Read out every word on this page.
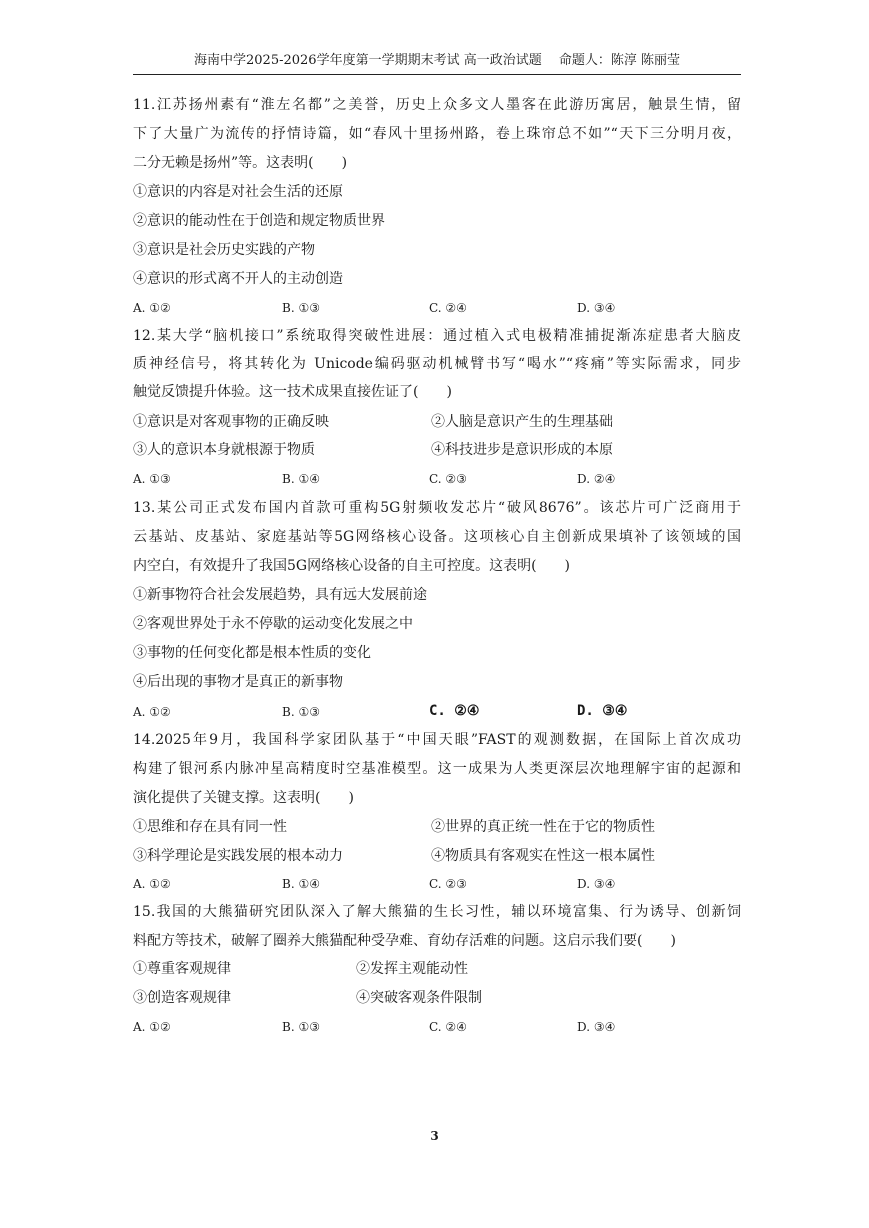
海南中学2025-2026学年度第一学期期末考试 高一政治试题　 命题人：陈淳 陈丽莹
11.江苏扬州素有“淮左名都”之美誉，历史上众多文人墨客在此游历寓居，触景生情，留
下了大量广为流传的抒情诗篇，如“春风十里扬州路，卷上珠帘总不如”“天下三分明月夜，
二分无赖是扬州”等。这表明(　　)
①意识的内容是对社会生活的还原
②意识的能动性在于创造和规定物质世界
③意识是社会历史实践的产物
④意识的形式离不开人的主动创造
A. ①②	B. ①③	C. ②④	D. ③④
12.某大学“脑机接口”系统取得突破性进展：通过植入式电极精准捕捉渐冻症患者大脑皮
质神经信号，将其转化为 Unicode编码驱动机械臂书写“喝水”“疼痛”等实际需求，同步
触觉反馈提升体验。这一技术成果直接佐证了(　　)
①意识是对客观事物的正确反映	②人脑是意识产生的生理基础
③人的意识本身就根源于物质	④科技进步是意识形成的本原
A. ①③	B. ①④	C. ②③	D. ②④
13.某公司正式发布国内首款可重构5G射频收发芯片“破风8676”。该芯片可广泛商用于
云基站、皮基站、家庭基站等5G网络核心设备。这项核心自主创新成果填补了该领域的国
内空白，有效提升了我国5G网络核心设备的自主可控度。这表明(　　)
①新事物符合社会发展趋势，具有远大发展前途
②客观世界处于永不停歇的运动变化发展之中
③事物的任何变化都是根本性质的变化
④后出现的事物才是真正的新事物
A. ①②	B. ①③	C. ②④	D. ③④
14.2025年9月，我国科学家团队基于“中国天眼”FAST的观测数据，在国际上首次成功
构建了银河系内脉冲星高精度时空基准模型。这一成果为人类更深层次地理解宇宙的起源和
演化提供了关键支撑。这表明(　　)
①思维和存在具有同一性	②世界的真正统一性在于它的物质性
③科学理论是实践发展的根本动力	④物质具有客观实在性这一根本属性
A. ①②	B. ①④	C. ②③	D. ③④
15.我国的大熊猫研究团队深入了解大熊猫的生长习性，辅以环境富集、行为诱导、创新饲
料配方等技术，破解了圈养大熊猫配种受孕难、育幼存活难的问题。这启示我们要(　　)
①尊重客观规律	②发挥主观能动性
③创造客观规律	④突破客观条件限制
A. ①②	B. ①③	C. ②④	D. ③④
3
